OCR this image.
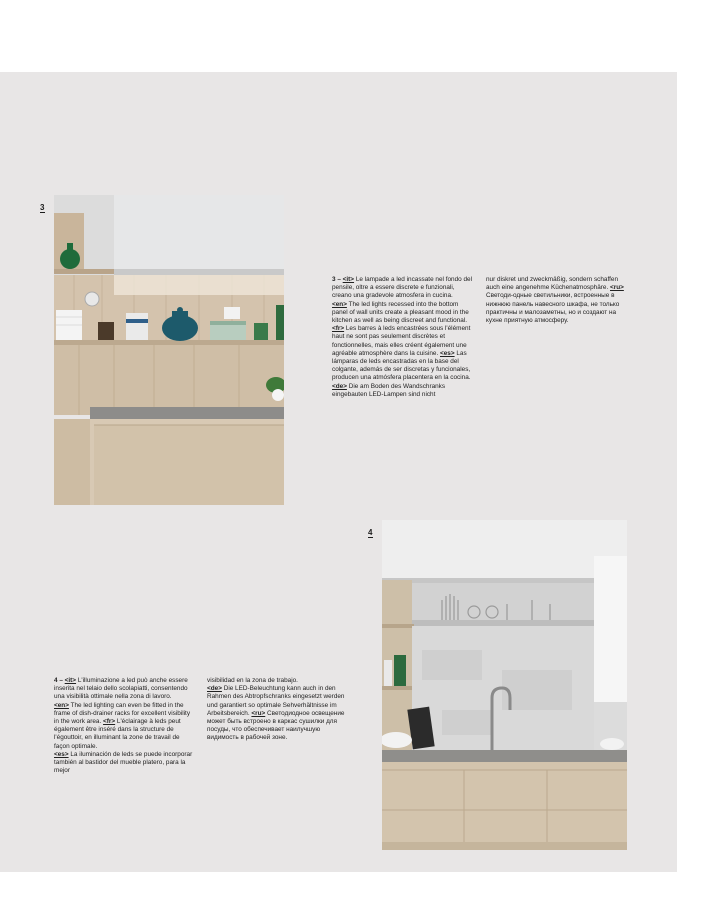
3
3 – <it> Le lampade a led incassate nel fondo del pensile, oltre a essere discrete e funzionali, creano una gradevole atmosfera in cucina.
<en> The led lights recessed into the bottom panel of wall units create a pleasant mood in the kitchen as well as being discreet and functional.
<fr> Les barres à leds encastrées sous l'élément haut ne sont pas seulement discrètes et fonctionnelles, mais elles créent également une agréable atmosphère dans la cuisine. <es> Las lámparas de leds encastradas en la base del colgante, además de ser discretas y funcionales, producen una atmósfera placentera en la cocina.
<de> Die am Boden des Wandschranks eingebauten LED-Lampen sind nicht
nur diskret und zweckmäßig, sondern schaffen auch eine angenehme Küchenatmosphäre. <ru> Светоди-одные светильники, встроенные в нижнюю панель навесного шкафа, не только практичны и малозаметны, но и создают на кухне приятную атмосферу.
4
4 – <it> L'illuminazione a led può anche essere inserita nel telaio dello scolapiatti, consentendo una visibilità ottimale nella zona di lavoro.
<en> The led lighting can even be fitted in the frame of dish-drainer racks for excellent visibility in the work area. <fr> L'éclairage à leds peut également être inséré dans la structure de l'égouttoir, en illuminant la zone de travail de façon optimale.
<es> La iluminación de leds se puede incorporar también al bastidor del mueble platero, para la mejor
visibilidad en la zona de trabajo.
<de> Die LED-Beleuchtung kann auch in den Rahmen des Abtropfschranks eingesetzt werden und garantiert so optimale Sehverhältnisse im Arbeitsbereich. <ru> Светодиодное освещение может быть встроено в каркас сушилки для посуды, что обеспечивает наилучшую видимость в рабочей зоне.
